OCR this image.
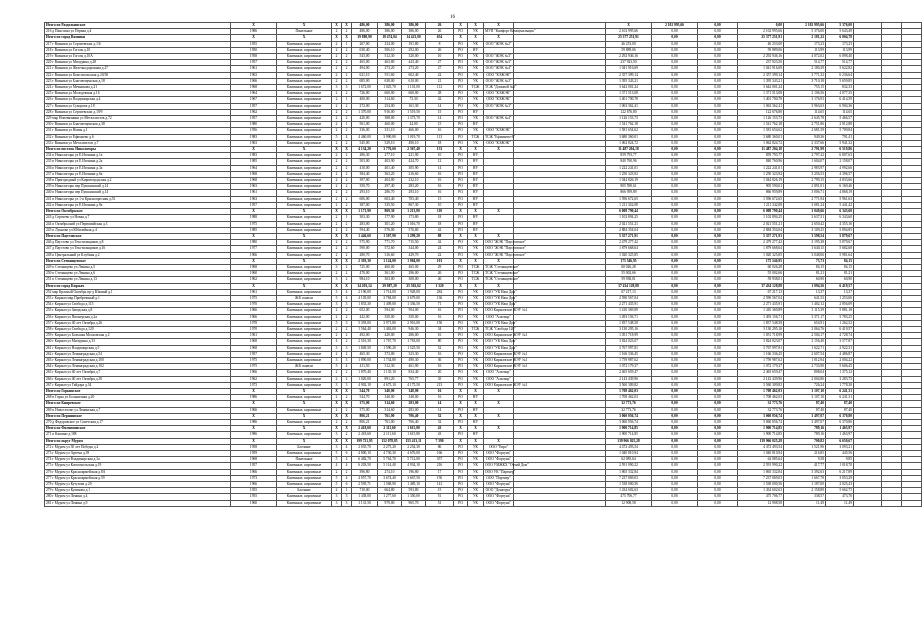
16
Итого по Раздольинское	X	X	X	X	486,00	386,00	386,00	26	X	X	X		X	2 102 995,66	0,00	0,00	2 102 995,66	5 376,00			
216 д Пансохна ул Первая д.4	1986	Панельные	2	2	486,00	386,00	386,00	26	РО	УК	МУП "Комфорт Коммунальщик"		2 102 995,66	0,00	0,00	2 102 995,66	5 376,00	5 643,49			
Итого по город Вязники	X	X	X	X	39 880,90	18 474,04	14 423,00	654	X	X	X		25 377 251,91	0,00	0,00	25 377 251,91	2 181,22	6 004,78			
217 г Вязники ул Сергиевских д.1/6	1955	Каменные, кирпичные	2	1	267,00	234,00	191,80	8	РО	УК	ООО "ЖЭК №2"		46 253,00	0,00	0,00	46 253,00	173,23	173,23			
218 г Вязники ул Гоголя д.10	1950	Каменные, кирпичные	2	2	630,40	506,10	292,00	26	РО	НУ			59 889,06	0,00	0,00	59 889,06	113,99	113,99			
219 г Вязники ул Гоголя д.10А	1958	Каменные, кирпичные	2	2	543,00	512,30	320,00	10	РО	УК	ООО "ЖЭК №3"		2 292 946,16	0,00	0,00	2 292 946,16	4 072,02	6 898,40			
220 г Вязники ул Мичурина д.28	1957	Каменные, кирпичные	2	2	465,00	463,80	443,40	27	РО	УК	ООО "ЖЭК №3"		237 923,50	0,00	0,00	237 923,50	514,77	514,77			
221 г Вязники ул Железнодорожная д.27	1961	Каменные, кирпичные	2	2	494,00	273,20	273,20	27	РО	УК	ООО "ЖЭК №4"		1 041 916,69	0,00	0,00	1 041 916,69	2 180,29	5 622,82			
222 г Вязники ул Комсомольская д.20/30	1963	Каменные, кирпичные	2	2	621,10	551,60	602,40	22	РО	УК	ООО "КЭЖЭК"		2 357 399,14	0,00	0,00	2 357 399,14	3 771,32	6 236,64			
223 г Вязники ул Благовещенская д.18	1966	Каменные, кирпичные	2	2	685,00	638,00	610,00	21	РО	УК	ООО "ЖЭК №3"		1 395 343,21	0,00	0,00	1 395 343,21	3 710,18	5 659,85			
224 г Вязники ул Мечникова д.21	1968	Каменные, кирпичные	3	3	1 672,00	1 025,70	1 101,00	112	РО	ТСЖ	ТСЖ "Домовой №2"		3 642 001,24	0,00	0,00	3 642 001,24	755,15	832,33			
225 г Вязники ул Молодежная д.16	1964	Каменные, кирпичные	2	2	726,00	660,00	660,00	28	РО	УК	ООО "КЭЖЭК"		1 371 513,08	0,00	0,00	1 371 513,08	2 106,56	4 077,35			
226 г Вязники ул Владимирская д.4	1967	Каменные, кирпичные	2	1	400,00	314,60	73,30	42	РО	УК	ООО "КЭЖЭК"		1 401 700,78	0,00	0,00	1 401 700,78	3 176,93	6 414,59			
227 г Вязники ул Суворова д.18	1957	Каменные, кирпичные	2	2	272,00	254,00	161,30	14	РО	УК	ООО "ЖЭК №3"		1 063 362,41	0,00	0,00	1 063 362,41	3 963,63	6 904,36			
228 г Вязники ул Сергиевских д.19/9	1962	Каменные, кирпичные	2	2	1 370,00	916,00	1 519,50	15	РО	НУ			122 676,80	0,00	0,00	122 676,80	114,65	114,65			
229 мкр Нововязники ул Металлистов д.72	1957	Каменные, кирпичные	2	2	420,00	388,00	1 373,70	14	РО	УК	ООО "ЖЭК №4"		1 126 153,73	0,00	0,00	1 126 153,73	2 645,78	5 466,57			
230 г Вязники ул Благовещенская д.38	1980	Каменные, кирпичные	2	1	561,00	460,00	24,00	15	РО	НУ			1 541 762,18	0,00	0,00	1 541 762,18	2 751,86	2 912,88			
231 г Вязники ул Новая д.1	1956	Каменные, кирпичные	2	2	336,00	331,10	466,00	16	РО	УК	ООО "КЭЖЭК"		1 581 654,62	0,00	0,00	1 581 654,62	2 681,59	5 709,84			
232 г Вязники ул Ефимьево д.6	1983	Каменные, кирпичные	5	4	4 460,00	3 990,80	1 019,70	113	РО	ТСЖ	ТСЖ "Ефимьево-6"		3 680 360,01	0,00	0,00	3 680 360,01	949,36	791,41			
233 г Вязники ул Металлистов д.7	1963	Каменные, кирпичные	2	2	545,00	529,10	490,10	18	РО	УК	ООО "КЭЖЭК"		1 062 824,72	0,00	0,00	1 062 824,72	2 337,66	5 941,32			
Итого по поселок Никологоры	X	X	X	X	4 134,20	3 776,60	2 367,40	133	X	X	X		11 487 204,18	0,00	0,00	11 487 204,18	2 791,99	6 519,86			
234 п Никологоры ул Е.Игонина д.1а	1983	Каменные, кирпичные	2	2	286,30	277,10	221,90	10	РО	НУ			859 793,77	0,00	0,00	859 793,77	2 797,42	6 807,63			
235 п Никологоры ул Е.Игонина д.2а	1985	Каменные, кирпичные	2	2	503,00	403,90	424,70	12	РО	НУ			840 760,96	0,00	0,00	840 760,96	1 604,07	2 158,07			
236 п Никологоры ул Е.Игонина д.3а	1964	Каменные, кирпичные	2	2	410,00	401,40	305,90	14	РО	НУ			1 222 241,01	0,00	0,00	1 222 241,01	2 983,97	4 992,66			
237 п Никологоры ул Е.Игонина д.6а	1968	Каменные, кирпичные	2	2	384,40	363,20	216,60	16	РО	НУ			1 250 323,92	0,00	0,00	1 250 323,92	3 256,53	4 396,57			
238 п Пригородный ул Кировоградская д.2	1968	Каменные, кирпичные	2	2	397,00	404,00	232,10	16	РО	НУ			1 044 826,19	0,00	0,00	1 044 826,19	2 799,15	4 833,66			
239 п Никологоры пер Пушкинский д.14	1963	Каменные, кирпичные	2	2	350,70	297,40	283,20	16	РО	НУ			905 590,61	0,00	0,00	905 590,61	2 891,01	6 169,46			
240 п Никологоры пер Пушкинский д.14	1961	Каменные, кирпичные	2	2	293,10	286,70	293,10	16	РО	НУ			866 959,89	0,00	0,00	866 959,89	3 006,71	4 868,19			
241 п Никологоры ул 1-я Краснопресная д.53	1963	Каменные, кирпичные	2	2	606,00	603,40	783,40	15	РО	НУ			1 596 672,65	0,00	0,00	1 596 672,65	2 771,94	5 961,63			
242 п Никологоры ул Е.Игонина д.8а	1957	Каменные, кирпичные	2	2	387,00	335,50	867,30	10	РО	НУ			1 211 342,08	0,00	0,00	1 211 342,08	3 081,24	5 441,42			
Итого по Октябрьское	X	X	X	X	1 171,90	869,30	1 213,80	110	X	X	X		6 008 790,44	0,00	0,00	6 008 790,44	3 049,66	6 343,60			
243 д Сергиево ул Новая д.7	1988	Каменные, кирпичные	2	1	303,30	177,90	173,80	18	РО	НУ			1 102 894,25	0,00	0,00	1 102 894,25	3 637,51	6 343,60			
244 п Октябрьский ул Первомайская д.3	1975	Каменные, кирпичные	2	2	283,00	301,20	1 016,70	18	РО	НУ			2 021 551,21	0,00	0,00	2 021 551,21	2 650,42	4 355,16			
245 п Лукново ул Юбилейная д.4	1985	Каменные, кирпичные	2	2	594,40	576,00	576,80	42	РО	НУ			2 884 354,04	0,00	0,00	2 884 354,04	3 109,25	5 894,85			
Итого по Паустовское	X	X	X	X	1 446,60	1 507,90	1 299,20	88	X	X	X		5 357 271,91	0,00	0,00	5 357 271,91	3 598,54	5 879,67			
246 д Паустово ул Текстильщиков д.8	1980	Каменные, кирпичные	2	2	575,90	771,70	715,50	42	РО	УК	ООО "ЖЭК "Паустовское"		2 479 277,42	0,00	0,00	2 479 277,42	3 195,38	5 879,67			
247 д Паустово ул Текстильщиков д.16	1977	Каменные, кирпичные	2	2	590,00	572,60	344,00	24	РО	УК	ООО "ЖЭК "Паустовское"		1 879 668,64	0,00	0,00	1 879 668,64	3 640,15	5 682,68			
248 п Центральный ул Клубная д.2	1966	Каменные, кирпичные	2	2	280,70	316,60	429,70	22	РО	УК	ООО "ЖЭК "Паустовское"		1 020 325,85	0,00	0,00	1 020 325,85	3 048,06	5 981,64			
Итого по Степанцевское	X	X	X	X	2 393,30	1 124,00	1 084,00	101	X	X	X		175 546,95	0,00	0,00	175 546,95	73,73	84,15			
249 п Степанцево ул Ленина д.5	1968	Каменные, кирпичные	3	2	725,00	460,00	465,00	29	РО	ТСЖ	ТСЖ "Степанцевское"		60 026,28	0,00	0,00	60 026,28	84,15	84,15			
250 п Степанцево ул Ленина д.6	1960	Каменные, кирпичные	2	2	470,00	361,00	296,00	26	РО	ТСЖ	ТСЖ "Степанцевское"		55 002,66	0,00	0,00	55 002,66	81,21	81,21			
251 п Степанцево ул Ленина д.13	1962	Каменные, кирпичные	3	2	984,10	303,00	308,00	46	РО	ТСЖ	ТСЖ "Степанцевское"		59 938,01	0,00	0,00	59 938,01	60,90	60,90			
Итого по город Киржач	X	X	X	X	34 203,14	29 087,20	25 302,62	1 320	X	X	X		37 434 128,88	0,00	0,00	37 434 128,88	1 094,56	6 419,57			
252 мкр Красный Октябрь пр-д Южный д.1	1961	Каменные, кирпичные	3	4	2 196,00	1 714,00	1 928,00	284	РО	УК	ООО "УК Наш Дом"		67 217,13	0,00	0,00	67 217,13	13,37	13,37			
253 г Киржач мкр Прибрежный д.1	1975	Ж/Б панели	5	4	4 105,00	3 784,00	3 679,00	136	РО	УК	ООО "УК Наш Дом"		2 590 567,04	0,00	0,00	2 590 567,04	641,53	1 253,06			
254 г Киржач ул Свобода д.115	1970	Каменные, кирпичные	3	3	1 833,30	1 409,00	1 336,50	71	РО	УК	ООО "УК Наш Дом"		2 271 435,91	0,00	0,00	2 271 435,91	1 402,12	2 856,09			
255 г Киржач ул Заводская д.8	1966	Каменные, кирпичные	2	2	652,00	594,00	594,00	16	РО	УК	ООО Киржачское ЖЭУ №1		1 410 369,89	0,00	0,00	1 410 369,89	3 115,39	5 881,18			
256 г Киржач ул Пионерская д.2а	1966	Каменные, кирпичные	2	2	442,00	350,00	350,00	16	РО	УК	ООО "Альтаир"		1 493 156,71	0,00	0,00	1 493 156,71	3 371,17	5 783,25			
257 г Киржач ул 40 лет Октября д.26	1978	Каменные, кирпичные	5	3	5 393,00	3 971,80	2 916,00	150	РО	УК	ООО "УК Наш Дом"		1 837 548,58	0,00	0,00	1 837 548,58	654,91	1 262,52			
258 г Киржач ул Свобода д.120	1970	Каменные, кирпичные	2	2	1 564,40	1 463,00	946,30	34	РО	ТСЖ	ТСЖ "Свобода 120"		3 130 295,16	0,00	0,00	3 130 295,16	2 064,76	6 419,57			
259 г Киржач ул Большая Московская д.2	1961	Каменные, кирпичные	2	2	492,00	420,00	286,00	16	РО	УК	ООО Киржачское ЖЭУ №1		1 051 718,99	0,00	0,00	1 051 718,99	2 504,17	4 728,74			
260 г Киржач ул Мичурина д.33	1968	Каменные, кирпичные	4	2	2 516,30	1 767,70	1 763,00	80	РО	УК	ООО "УК Наш Дом"		3 824 023,07	0,00	0,00	3 824 023,07	2 156,40	3 577,87			
261 г Киржач ул Владимирская д.5	1968	Каменные, кирпичные	3	3	1 849,50	1 590,20	1 525,50	52	РО	УК	ООО "УК Наш Дом"		3 767 997,81	0,00	0,00	3 767 997,81	1 622,71	2 922,31			
262 г Киржач ул Ленинградская д.54	1957	Каменные, кирпичные	2	2	465,30	373,00	323,30	16	РО	УК	ООО Киржачское ЖЭУ №1		1 166 336,45	0,00	0,00	1 166 336,45	2 607,54	4 486,87			
263 г Киржач ул Ленинградская д.100	1975	Каменные, кирпичные	3	3	1 890,00	1 734,80	490,30	36	РО	УК	ООО Киржачское ЖЭУ №1		1 759 987,62	0,00	0,00	1 759 987,62	1 012,94	2 004,22			
264 г Киржач ул Ленинградская д.102	1975	Ж/Б панели	5	4	411,50	312,30	461,90	16	РО	УК	ООО Киржачское ЖЭУ №1		1 072 179,37	0,00	0,00	1 072 179,37	2 733,90	5 606,45			
265 г Киржач ул 40 лет Октября д.7	1966	Каменные, кирпичные	2	2	1 870,40	1 135,10	834,40	20	РО	УК	ООО "Альтаир"		2 465 659,47	0,00	0,00	2 465 659,47	808,04	1 375,12			
266 г Киржач ул 40 лет Октября д.30	1962	Каменные, кирпичные	2	2	1 020,00	891,20	765,77	35	РО	УК	ООО "Альтаир"		2 143 439,96	0,00	0,00	2 143 439,96	2 004,86	3 283,75			
267 г Киржач ул Гайдара д.34	1973	Каменные, кирпичные	3	3	4 902,10	4 675,10	4 175,50	213	РО	УК	ООО Киржачское ЖЭУ №1		3 560 309,82	0,00	0,00	3 560 309,82	726,24	1 778,30			
Итого по Горкинское	X	X	X	X	544,70	340,00	348,00	16	X	X	X		1 708 462,03	0,00	0,00	1 708 462,03	3 107,10	6 241,31			
268 п Горка ул Больничная д.20	1986	Каменные, кирпичные	2	2	544,70	340,00	348,00	16	РО	НУ			1 708 462,03	0,00	0,00	1 708 462,03	3 107,10	6 241,31			
Итого по Кипревское	X	X	X	X	375,00	314,60	283,00	14	X	X	X		32 773,76	0,00	0,00	32 773,76	87,40	87,40			
269 п Новоселово ул Ленинская д.7	1966	Каменные, кирпичные	2	2	375,00	314,60	283,00	14	РО	НУ			32 773,76	0,00	0,00	32 773,76	87,40	87,40			
Итого по Першинское	X	X	X	X	806,21	761,00	706,40	32	X	X	X		3 060 056,74	0,00	0,00	3 060 056,74	3 497,07	6 370,80			
270 д Федоровское ул Советская д.17	1986	Каменные, кирпичные	2	2	806,21	761,00	706,40	32	РО	НУ			3 060 056,74	0,00	0,00	3 060 056,74	3 497,07	6 370,80			
Итого по Филипповское	X	X	X	X	2 418,60	2 111,60	1 615,80	43	X	X	X		1 900 714,85	0,00	0,00	1 900 714,85	789,16	1 463,97			
271 п Кашино д.188	1986	Каменные, кирпичные	3	2	2 418,60	2 111,60	1 615,80	43	РО	НУ			1 900 714,85	0,00	0,00	1 900 714,85	789,16	1 463,97			
Итого по округ Муром	X	X	X	X	199 721,95	152 078,85	155 413,11	7 390	X	X	X		139 966 025,28	0,00	0,00	139 966 025,28	700,82	6 650,67			
272 г Муром ул 30 лет Победы д.2	1958	Блочные	3	4	2 035,70	2 275,20	2 254,30	86	РО	УК	ООО "Евро"		4 472 493,54	0,00	0,00	4 472 493,54	1 521,96	3 093,21			
273 г Муром ул Артема д.39	1959	Каменные, кирпичные	5	6	4 800,10	4 730,30	4 676,00	166	РО	УК	ООО "Фортуна"		1 040 810,94	0,00	0,00	1 040 810,94	216,85	445,56			
274 г Муром ул Владимирская д.3а	1968	Панельные	5	4	6 482,70	5 762,70	5 712,00	357	РО	УК	ООО "Фортуна"		62 085,64	0,00	0,00	62 085,64	9,58	9,85			
275 г Муром ул Комсомольская д.19	1957	Каменные, кирпичные	4	4	6 203,50	5 114,40	4 934,10	216	РО	УК	ООО УМЖКХ "Отчий Дом"		2 591 990,22	0,00	0,00	2 591 990,22	417,77	1 018,70			
276 г Муром ул Красноармейская д.8А	1966	Каменные, кирпичные	2	2	396,80	274,10	196,80	17	РО	УК	ООО УК "Партнер"		1 865 332,84	0,00	0,00	1 865 332,84	3 392,63	6 217,89			
277 г Муром ул Красноармейская д.59	1973	Каменные, кирпичные	5	4	4 057,70	3 674,40	3 667,50	150	РО	УК	ООО "Партнер"		7 237 069,03	0,00	0,00	7 237 069,03	1 667,78	3 053,29			
278 г Муром ул Кутузова д.20	1966	Каменные, кирпичные	5	6	2 595,71	1 568,90	1 485,10	141	РО	УК	ООО "Фортуна"		1 538 000,56	0,00	0,00	1 538 000,56	1 187,00	2 025,43			
279 г Муром ул Куликова д.1	1955	Блочные	2	1	710,00	664,80	593,80	15	РО	УК	ООО "Денатура"		1 434 602,63	0,00	0,00	1 434 602,63	2 158,89	5 662,75			
280 г Муром ул Ленина д.4	1955	Каменные, кирпичные	3	3	1 438,00	1 277,60	1 350,00	51	РО	УК	ООО "Фортуна"		475 706,77	0,00	0,00	475 706,77	338,57	473,76			
281 г Муром ул Ленина д.9	1960	Каменные, кирпичные	3	3	1 131,50	979,00	965,70	51	РО	УК	ООО "Фортуна"		12 908,58	0,00	0,00	12 908,58	11,49	11,49			
